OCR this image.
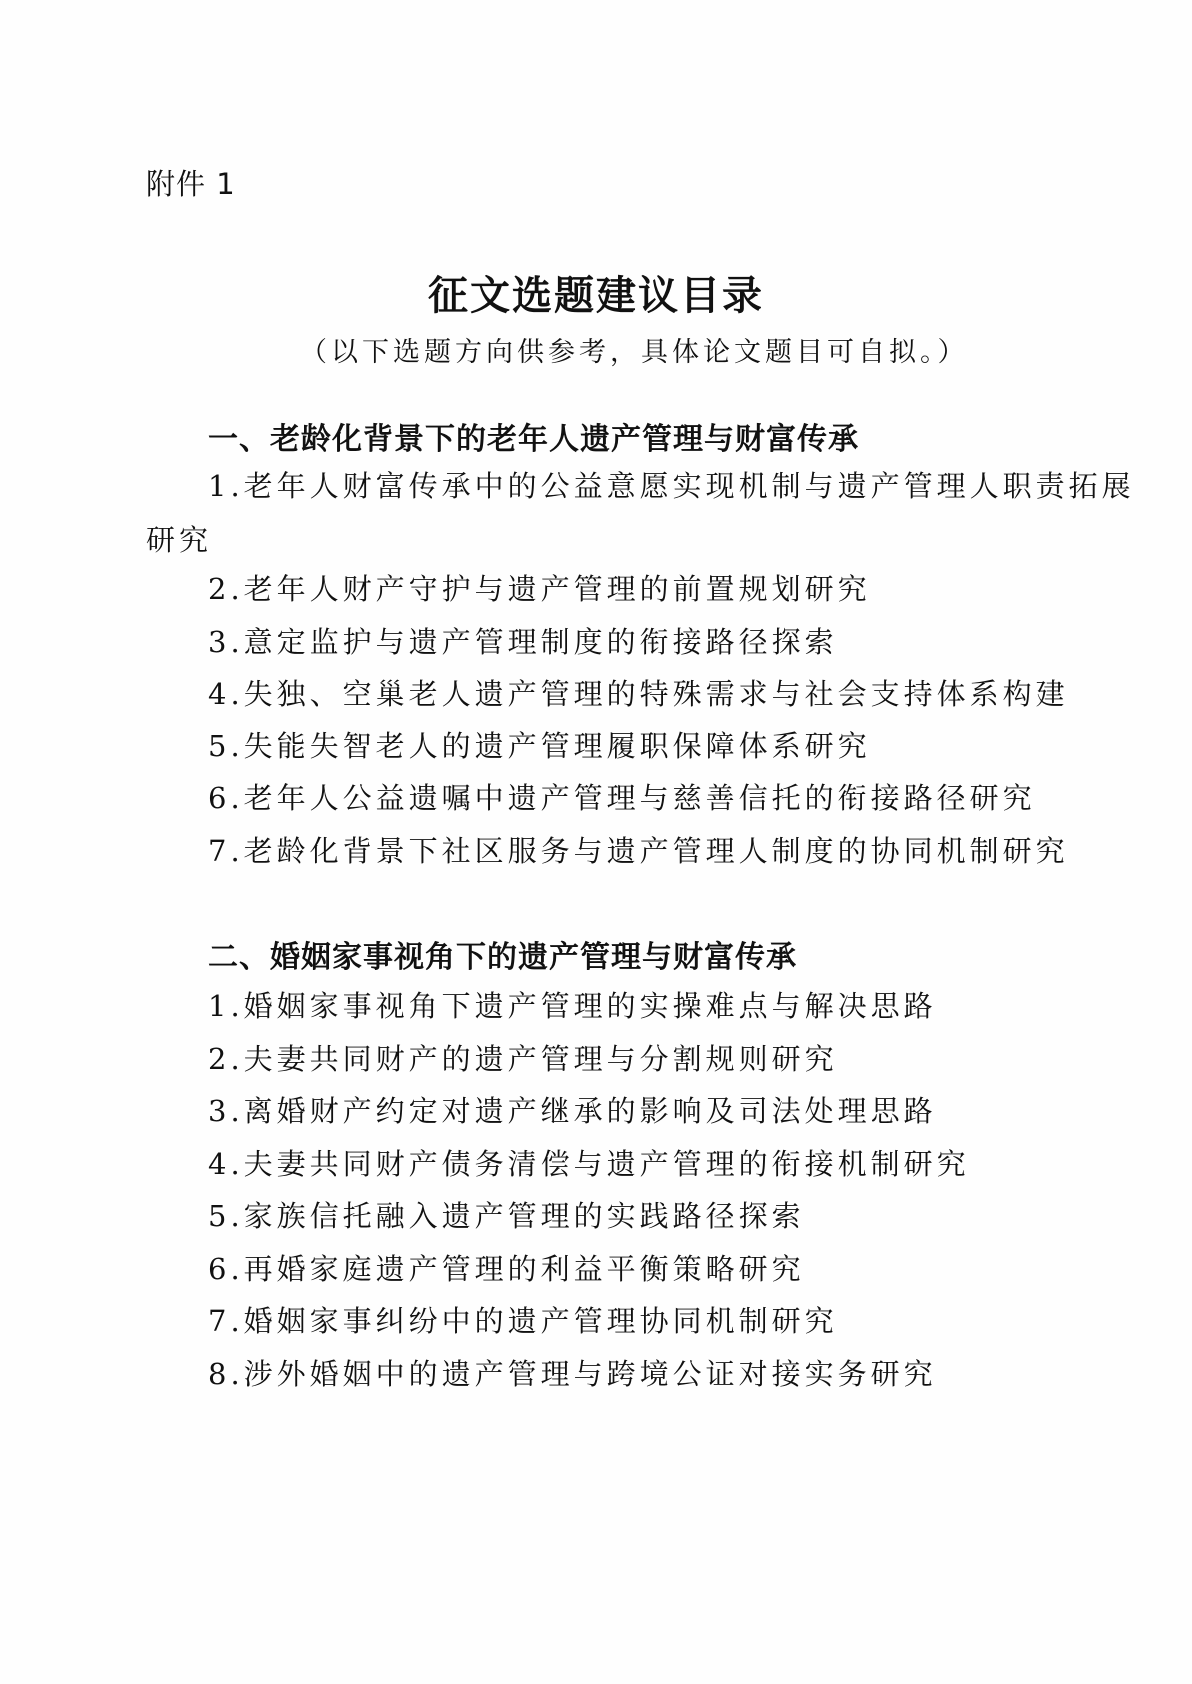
附件 1
征文选题建议目录
（以下选题方向供参考，具体论文题目可自拟。）
一、老龄化背景下的老年人遗产管理与财富传承
1.老年人财富传承中的公益意愿实现机制与遗产管理人职责拓展
研究
2.老年人财产守护与遗产管理的前置规划研究
3.意定监护与遗产管理制度的衔接路径探索
4.失独、空巢老人遗产管理的特殊需求与社会支持体系构建
5.失能失智老人的遗产管理履职保障体系研究
6.老年人公益遗嘱中遗产管理与慈善信托的衔接路径研究
7.老龄化背景下社区服务与遗产管理人制度的协同机制研究
二、婚姻家事视角下的遗产管理与财富传承
1.婚姻家事视角下遗产管理的实操难点与解决思路
2.夫妻共同财产的遗产管理与分割规则研究
3.离婚财产约定对遗产继承的影响及司法处理思路
4.夫妻共同财产债务清偿与遗产管理的衔接机制研究
5.家族信托融入遗产管理的实践路径探索
6.再婚家庭遗产管理的利益平衡策略研究
7.婚姻家事纠纷中的遗产管理协同机制研究
8.涉外婚姻中的遗产管理与跨境公证对接实务研究
